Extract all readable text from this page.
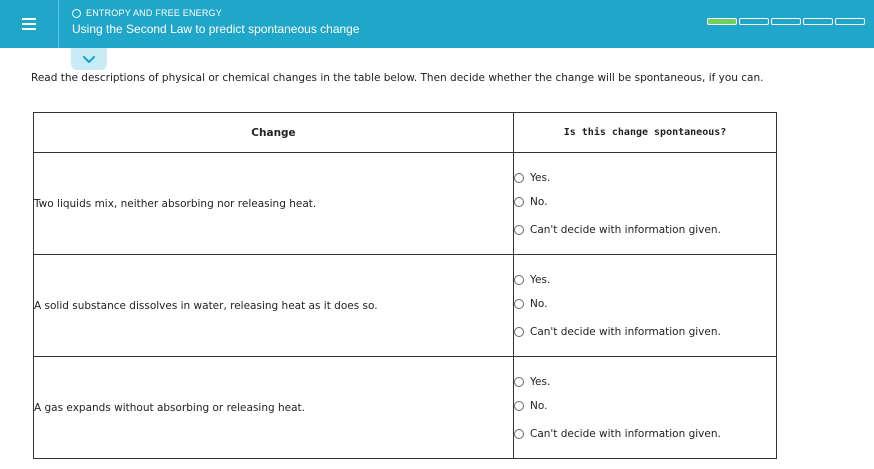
ENTROPY AND FREE ENERGY
Using the Second Law to predict spontaneous change
Read the descriptions of physical or chemical changes in the table below. Then decide whether the change will be spontaneous, if you can.
Change	Is this change spontaneous?
Two liquids mix, neither absorbing nor releasing heat.	Yes.
No.
Can't decide with information given.

A solid substance dissolves in water, releasing heat as it does so.	Yes.
No.
Can't decide with information given.

A gas expands without absorbing or releasing heat.	Yes.
No.
Can't decide with information given.
